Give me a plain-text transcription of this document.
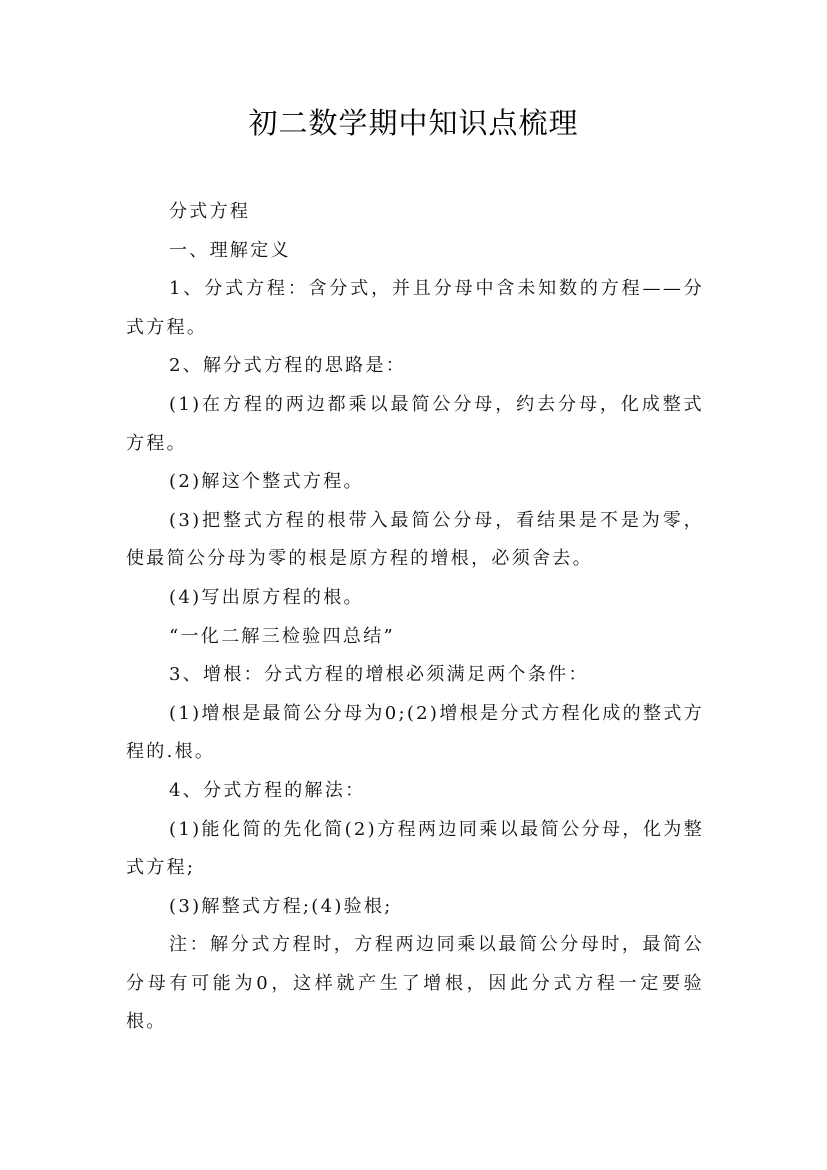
初二数学期中知识点梳理

分式方程

一、理解定义

1、分式方程：含分式，并且分母中含未知数的方程——分式方程。

2、解分式方程的思路是：

(1)在方程的两边都乘以最简公分母，约去分母，化成整式方程。

(2)解这个整式方程。

(3)把整式方程的根带入最简公分母，看结果是不是为零，使最简公分母为零的根是原方程的增根，必须舍去。

(4)写出原方程的根。

“一化二解三检验四总结”

3、增根：分式方程的增根必须满足两个条件：

(1)增根是最简公分母为0;(2)增根是分式方程化成的整式方程的.根。

4、分式方程的解法：

(1)能化简的先化简(2)方程两边同乘以最简公分母，化为整式方程;

(3)解整式方程;(4)验根;

注：解分式方程时，方程两边同乘以最简公分母时，最简公分母有可能为0，这样就产生了增根，因此分式方程一定要验根。
